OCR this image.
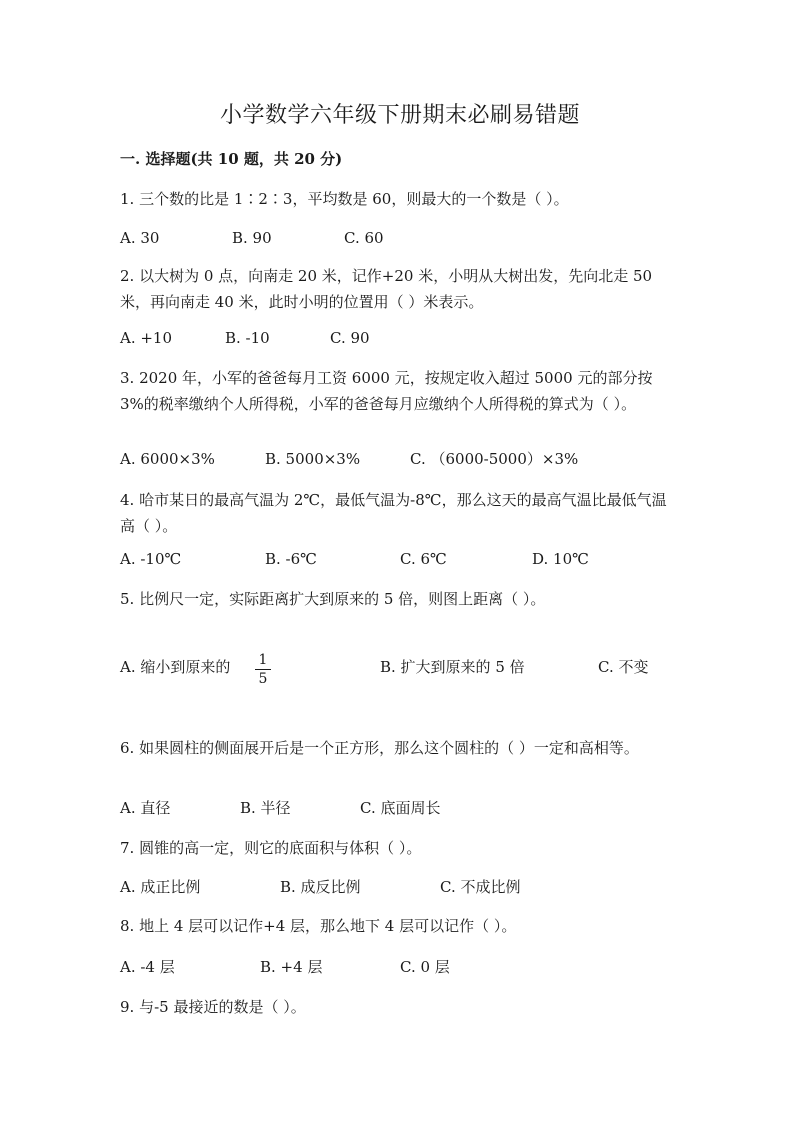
小学数学六年级下册期末必刷易错题
一. 选择题(共 10 题，共 20 分)
1. 三个数的比是 1∶2∶3，平均数是 60，则最大的一个数是（ ）。
A. 30	B. 90	C. 60
2. 以大树为 0 点，向南走 20 米，记作+20 米，小明从大树出发，先向北走 50 米，再向南走 40 米，此时小明的位置用（ ）米表示。
A. +10	B. -10	C. 90
3. 2020 年，小军的爸爸每月工资 6000 元，按规定收入超过 5000 元的部分按 3%的税率缴纳个人所得税，小军的爸爸每月应缴纳个人所得税的算式为（ ）。
A. 6000×3%	B. 5000×3%	C. （6000-5000）×3%
4. 哈市某日的最高气温为 2℃，最低气温为-8℃，那么这天的最高气温比最低气温高（ ）。
A. -10℃	B. -6℃	C. 6℃	D. 10℃
5. 比例尺一定，实际距离扩大到原来的 5 倍，则图上距离（ ）。
A. 缩小到原来的 1
5
B. 扩大到原来的 5 倍	C. 不变
6. 如果圆柱的侧面展开后是一个正方形，那么这个圆柱的（ ）一定和高相等。
A. 直径	B. 半径	C. 底面周长
7. 圆锥的高一定，则它的底面积与体积（ ）。
A. 成正比例	B. 成反比例	C. 不成比例
8. 地上 4 层可以记作+4 层，那么地下 4 层可以记作（ ）。
A. -4 层	B. +4 层	C. 0 层
9. 与-5 最接近的数是（ ）。
